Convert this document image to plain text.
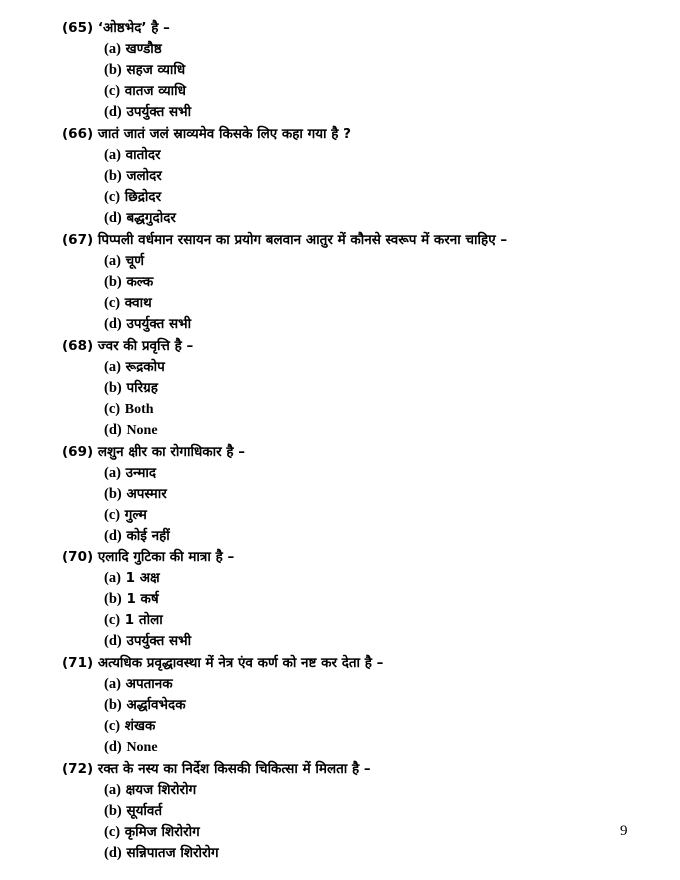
(65) ‘ओष्ठभेद’ है –
(a) खण्डौष्ठ
(b) सहज व्याधि
(c) वातज व्याधि
(d) उपर्युक्त सभी
(66) जातं जातं जलं स्राव्यमेव किसके लिए कहा गया है ?
(a) वातोदर
(b) जलोदर
(c) छिद्रोदर
(d) बद्धगुदोदर
(67) पिप्पली वर्धमान रसायन का प्रयोग बलवान आतुर में कौनसे स्वरूप में करना चाहिए –
(a) चूर्ण
(b) कल्क
(c) क्वाथ
(d) उपर्युक्त सभी
(68) ज्वर की प्रवृत्ति है –
(a) रूद्रकोप
(b) परिग्रह
(c) Both
(d) None
(69) लशुन क्षीर का रोगाधिकार है –
(a) उन्माद
(b) अपस्मार
(c) गुल्म
(d) कोई नहीं
(70) एलादि गुटिका की मात्रा है –
(a) 1 अक्ष
(b) 1 कर्ष
(c) 1 तोला
(d) उपर्युक्त सभी
(71) अत्यधिक प्रवृद्धावस्था में नेत्र एंव कर्ण को नष्ट कर देता है –
(a) अपतानक
(b) अर्द्धावभेदक
(c) शंखक
(d) None
(72) रक्त के नस्य का निर्देश किसकी चिकित्सा में मिलता है –
(a) क्षयज शिरोरोग
(b) सूर्यावर्त
(c) कृमिज शिरोरोग
(d) सन्निपातज शिरोरोग
9
